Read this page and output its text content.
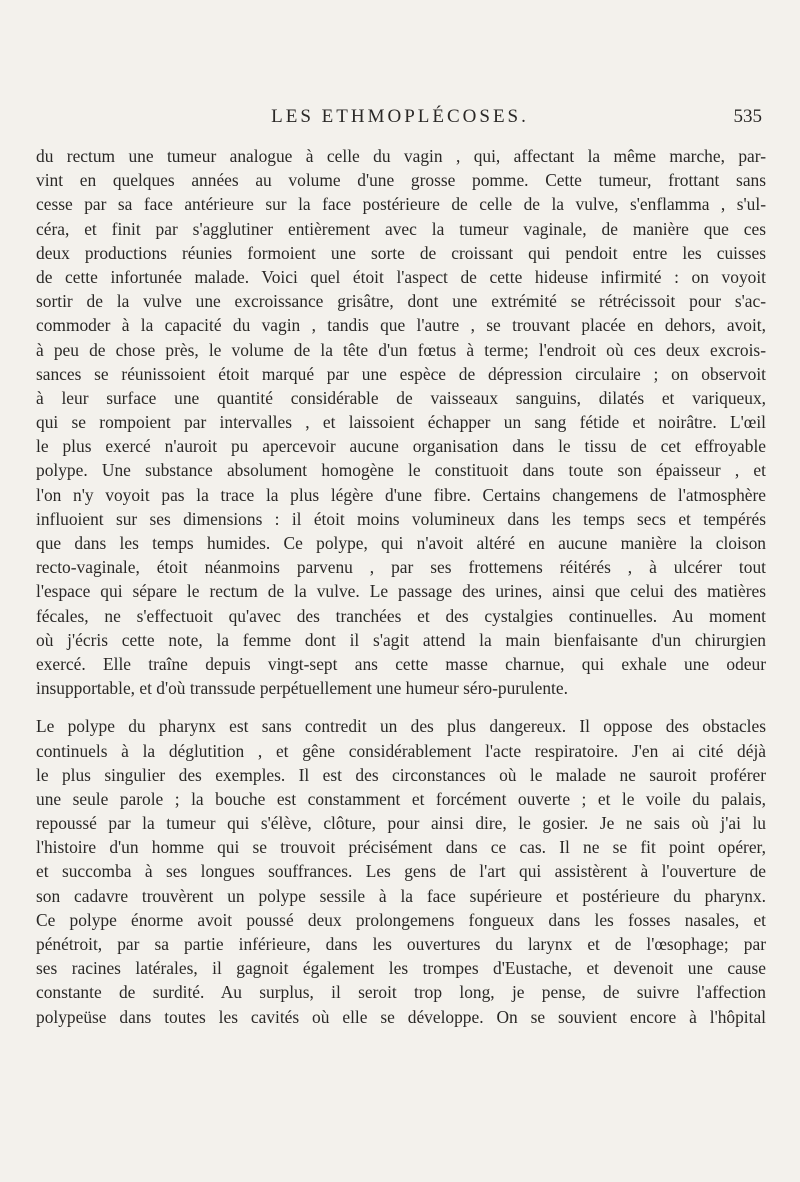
LES ETHMOPLÉCOSES.	535
du rectum une tumeur analogue à celle du vagin , qui, affectant la même marche, par-
vint en quelques années au volume d'une grosse pomme. Cette tumeur, frottant sans
cesse par sa face antérieure sur la face postérieure de celle de la vulve, s'enflamma , s'ul-
céra, et finit par s'agglutiner entièrement avec la tumeur vaginale, de manière que ces
deux productions réunies formoient une sorte de croissant qui pendoit entre les cuisses
de cette infortunée malade. Voici quel étoit l'aspect de cette hideuse infirmité : on voyoit
sortir de la vulve une excroissance grisâtre, dont une extrémité se rétrécissoit pour s'ac-
commoder à la capacité du vagin , tandis que l'autre , se trouvant placée en dehors, avoit,
à peu de chose près, le volume de la tête d'un fœtus à terme; l'endroit où ces deux excrois-
sances se réunissoient étoit marqué par une espèce de dépression circulaire ; on observoit
à leur surface une quantité considérable de vaisseaux sanguins, dilatés et variqueux,
qui se rompoient par intervalles , et laissoient échapper un sang fétide et noirâtre. L'œil
le plus exercé n'auroit pu apercevoir aucune organisation dans le tissu de cet effroyable
polype. Une substance absolument homogène le constituoit dans toute son épaisseur , et
l'on n'y voyoit pas la trace la plus légère d'une fibre. Certains changemens de l'atmosphère
influoient sur ses dimensions : il étoit moins volumineux dans les temps secs et tempérés
que dans les temps humides. Ce polype, qui n'avoit altéré en aucune manière la cloison
recto-vaginale, étoit néanmoins parvenu , par ses frottemens réitérés , à ulcérer tout
l'espace qui sépare le rectum de la vulve. Le passage des urines, ainsi que celui des matières
fécales, ne s'effectuoit qu'avec des tranchées et des cystalgies continuelles. Au moment
où j'écris cette note, la femme dont il s'agit attend la main bienfaisante d'un chirurgien
exercé. Elle traîne depuis vingt-sept ans cette masse charnue, qui exhale une odeur
insupportable, et d'où transsude perpétuellement une humeur séro-purulente.
Le polype du pharynx est sans contredit un des plus dangereux. Il oppose des obstacles
continuels à la déglutition , et gêne considérablement l'acte respiratoire. J'en ai cité déjà
le plus singulier des exemples. Il est des circonstances où le malade ne sauroit proférer
une seule parole ; la bouche est constamment et forcément ouverte ; et le voile du palais,
repoussé par la tumeur qui s'élève, clôture, pour ainsi dire, le gosier. Je ne sais où j'ai lu
l'histoire d'un homme qui se trouvoit précisément dans ce cas. Il ne se fit point opérer,
et succomba à ses longues souffrances. Les gens de l'art qui assistèrent à l'ouverture de
son cadavre trouvèrent un polype sessile à la face supérieure et postérieure du pharynx.
Ce polype énorme avoit poussé deux prolongemens fongueux dans les fosses nasales, et
pénétroit, par sa partie inférieure, dans les ouvertures du larynx et de l'œsophage; par
ses racines latérales, il gagnoit également les trompes d'Eustache, et devenoit une cause
constante de surdité. Au surplus, il seroit trop long, je pense, de suivre l'affection
polypeüse dans toutes les cavités où elle se développe. On se souvient encore à l'hôpital
